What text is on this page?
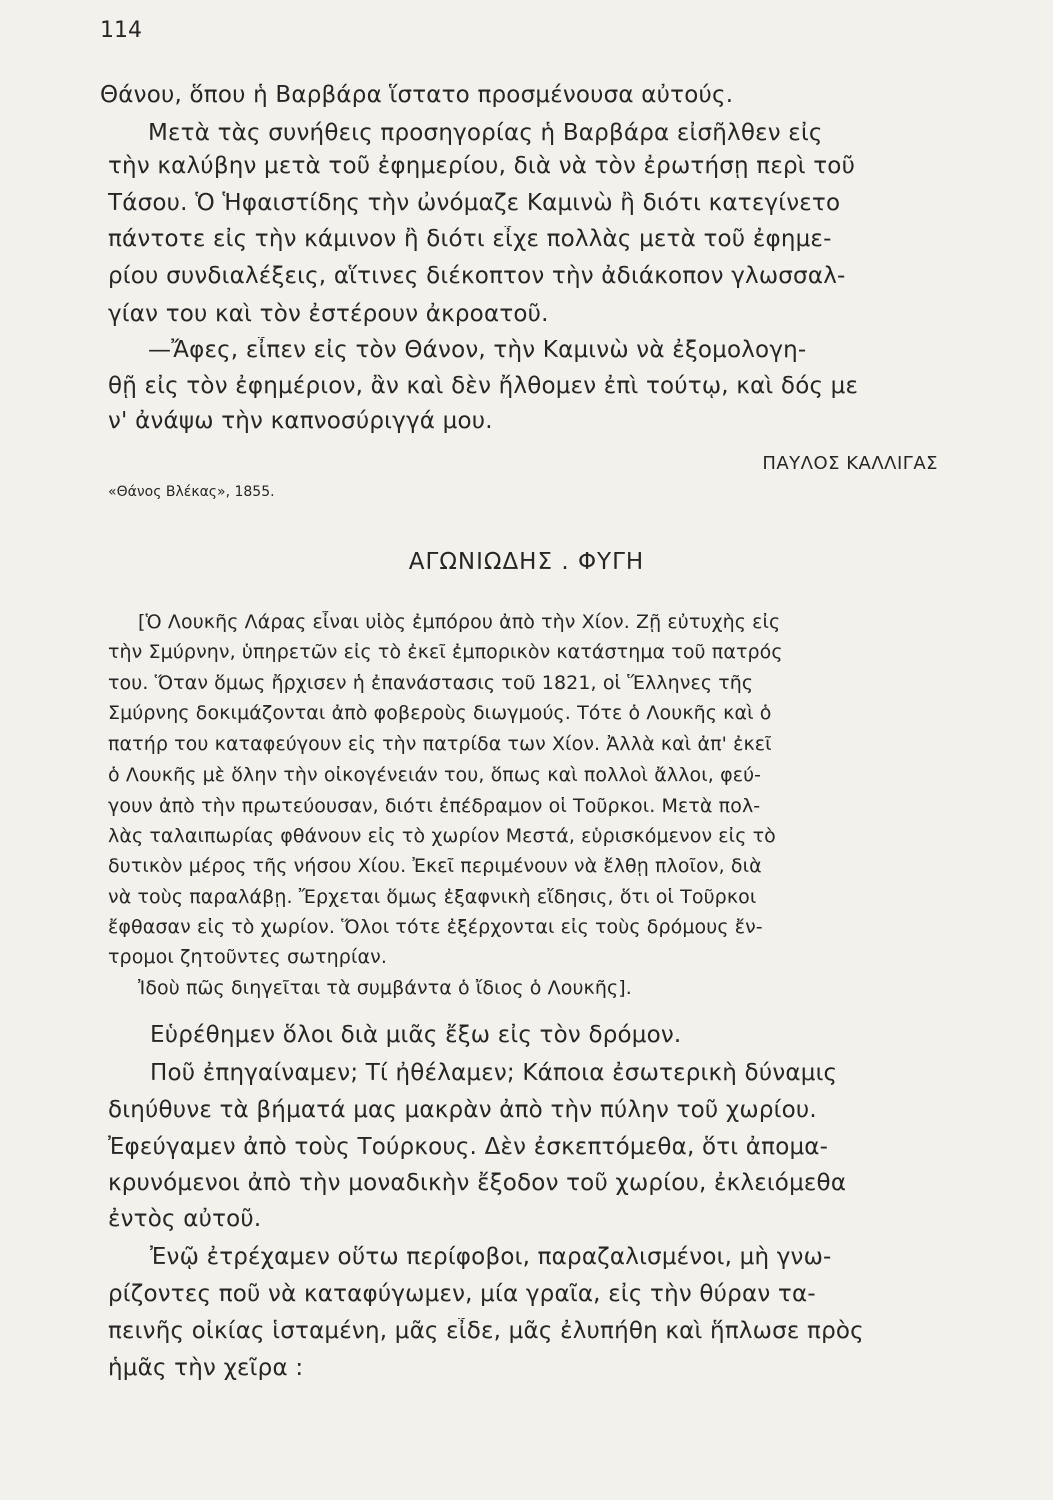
114
Θάνου, ὅπου ἡ Βαρβάρα ἵστατο προσμένουσα αὐτούς.
Μετὰ τὰς συνήθεις προσηγορίας ἡ Βαρβάρα εἰσῆλθεν εἰς
τὴν καλύβην μετὰ τοῦ ἐφημερίου, διὰ νὰ τὸν ἐρωτήσῃ περὶ τοῦ
Τάσου. Ὁ Ἡφαιστίδης τὴν ὠνόμαζε Καμινὼ ἢ διότι κατεγίνετο
πάντοτε εἰς τὴν κάμινον ἢ διότι εἶχε πολλὰς μετὰ τοῦ ἐφημε-
ρίου συνδιαλέξεις, αἵτινες διέκοπτον τὴν ἀδιάκοπον γλωσσαλ-
γίαν του καὶ τὸν ἐστέρουν ἀκροατοῦ.
—Ἄφες, εἶπεν εἰς τὸν Θάνον, τὴν Καμινὼ νὰ ἐξομολογη-
θῇ εἰς τὸν ἐφημέριον, ἂν καὶ δὲν ἤλθομεν ἐπὶ τούτῳ, καὶ δός με
ν' ἀνάψω τὴν καπνοσύριγγά μου.
ΠΑΥΛΟΣ ΚΑΛΛΙΓΑΣ
«Θάνος Βλέκας», 1855.
ΑΓΩΝΙΩΔΗΣ . ΦΥΓΗ
[Ὁ Λουκῆς Λάρας εἶναι υἱὸς ἐμπόρου ἀπὸ τὴν Χίον. Ζῇ εὐτυχὴς εἰς
τὴν Σμύρνην, ὑπηρετῶν εἰς τὸ ἐκεῖ ἐμπορικὸν κατάστημα τοῦ πατρός
του. Ὅταν ὅμως ἤρχισεν ἡ ἐπανάστασις τοῦ 1821, οἱ Ἕλληνες τῆς
Σμύρνης δοκιμάζονται ἀπὸ φοβεροὺς διωγμούς. Τότε ὁ Λουκῆς καὶ ὁ
πατήρ του καταφεύγουν εἰς τὴν πατρίδα των Χίον. Ἀλλὰ καὶ ἀπ' ἐκεῖ
ὁ Λουκῆς μὲ ὅλην τὴν οἰκογένειάν του, ὅπως καὶ πολλοὶ ἄλλοι, φεύ-
γουν ἀπὸ τὴν πρωτεύουσαν, διότι ἐπέδραμον οἱ Τοῦρκοι. Μετὰ πολ-
λὰς ταλαιπωρίας φθάνουν εἰς τὸ χωρίον Μεστά, εὑρισκόμενον εἰς τὸ
δυτικὸν μέρος τῆς νήσου Χίου. Ἐκεῖ περιμένουν νὰ ἔλθῃ πλοῖον, διὰ
νὰ τοὺς παραλάβῃ. Ἔρχεται ὅμως ἐξαφνικὴ εἴδησις, ὅτι οἱ Τοῦρκοι
ἔφθασαν εἰς τὸ χωρίον. Ὅλοι τότε ἐξέρχονται εἰς τοὺς δρόμους ἔν-
τρομοι ζητοῦντες σωτηρίαν.
Ἰδοὺ πῶς διηγεῖται τὰ συμβάντα ὁ ἴδιος ὁ Λουκῆς].
Εὑρέθημεν ὅλοι διὰ μιᾶς ἔξω εἰς τὸν δρόμον.
Ποῦ ἐπηγαίναμεν; Τί ἠθέλαμεν; Κάποια ἐσωτερικὴ δύναμις
διηύθυνε τὰ βήματά μας μακρὰν ἀπὸ τὴν πύλην τοῦ χωρίου.
Ἐφεύγαμεν ἀπὸ τοὺς Τούρκους. Δὲν ἐσκεπτόμεθα, ὅτι ἀπομα-
κρυνόμενοι ἀπὸ τὴν μοναδικὴν ἔξοδον τοῦ χωρίου, ἐκλειόμεθα
ἐντὸς αὐτοῦ.
Ἐνῷ ἐτρέχαμεν οὕτω περίφοβοι, παραζαλισμένοι, μὴ γνω-
ρίζοντες ποῦ νὰ καταφύγωμεν, μία γραῖα, εἰς τὴν θύραν τα-
πεινῆς οἰκίας ἱσταμένη, μᾶς εἶδε, μᾶς ἐλυπήθη καὶ ἥπλωσε πρὸς
ἡμᾶς τὴν χεῖρα :
